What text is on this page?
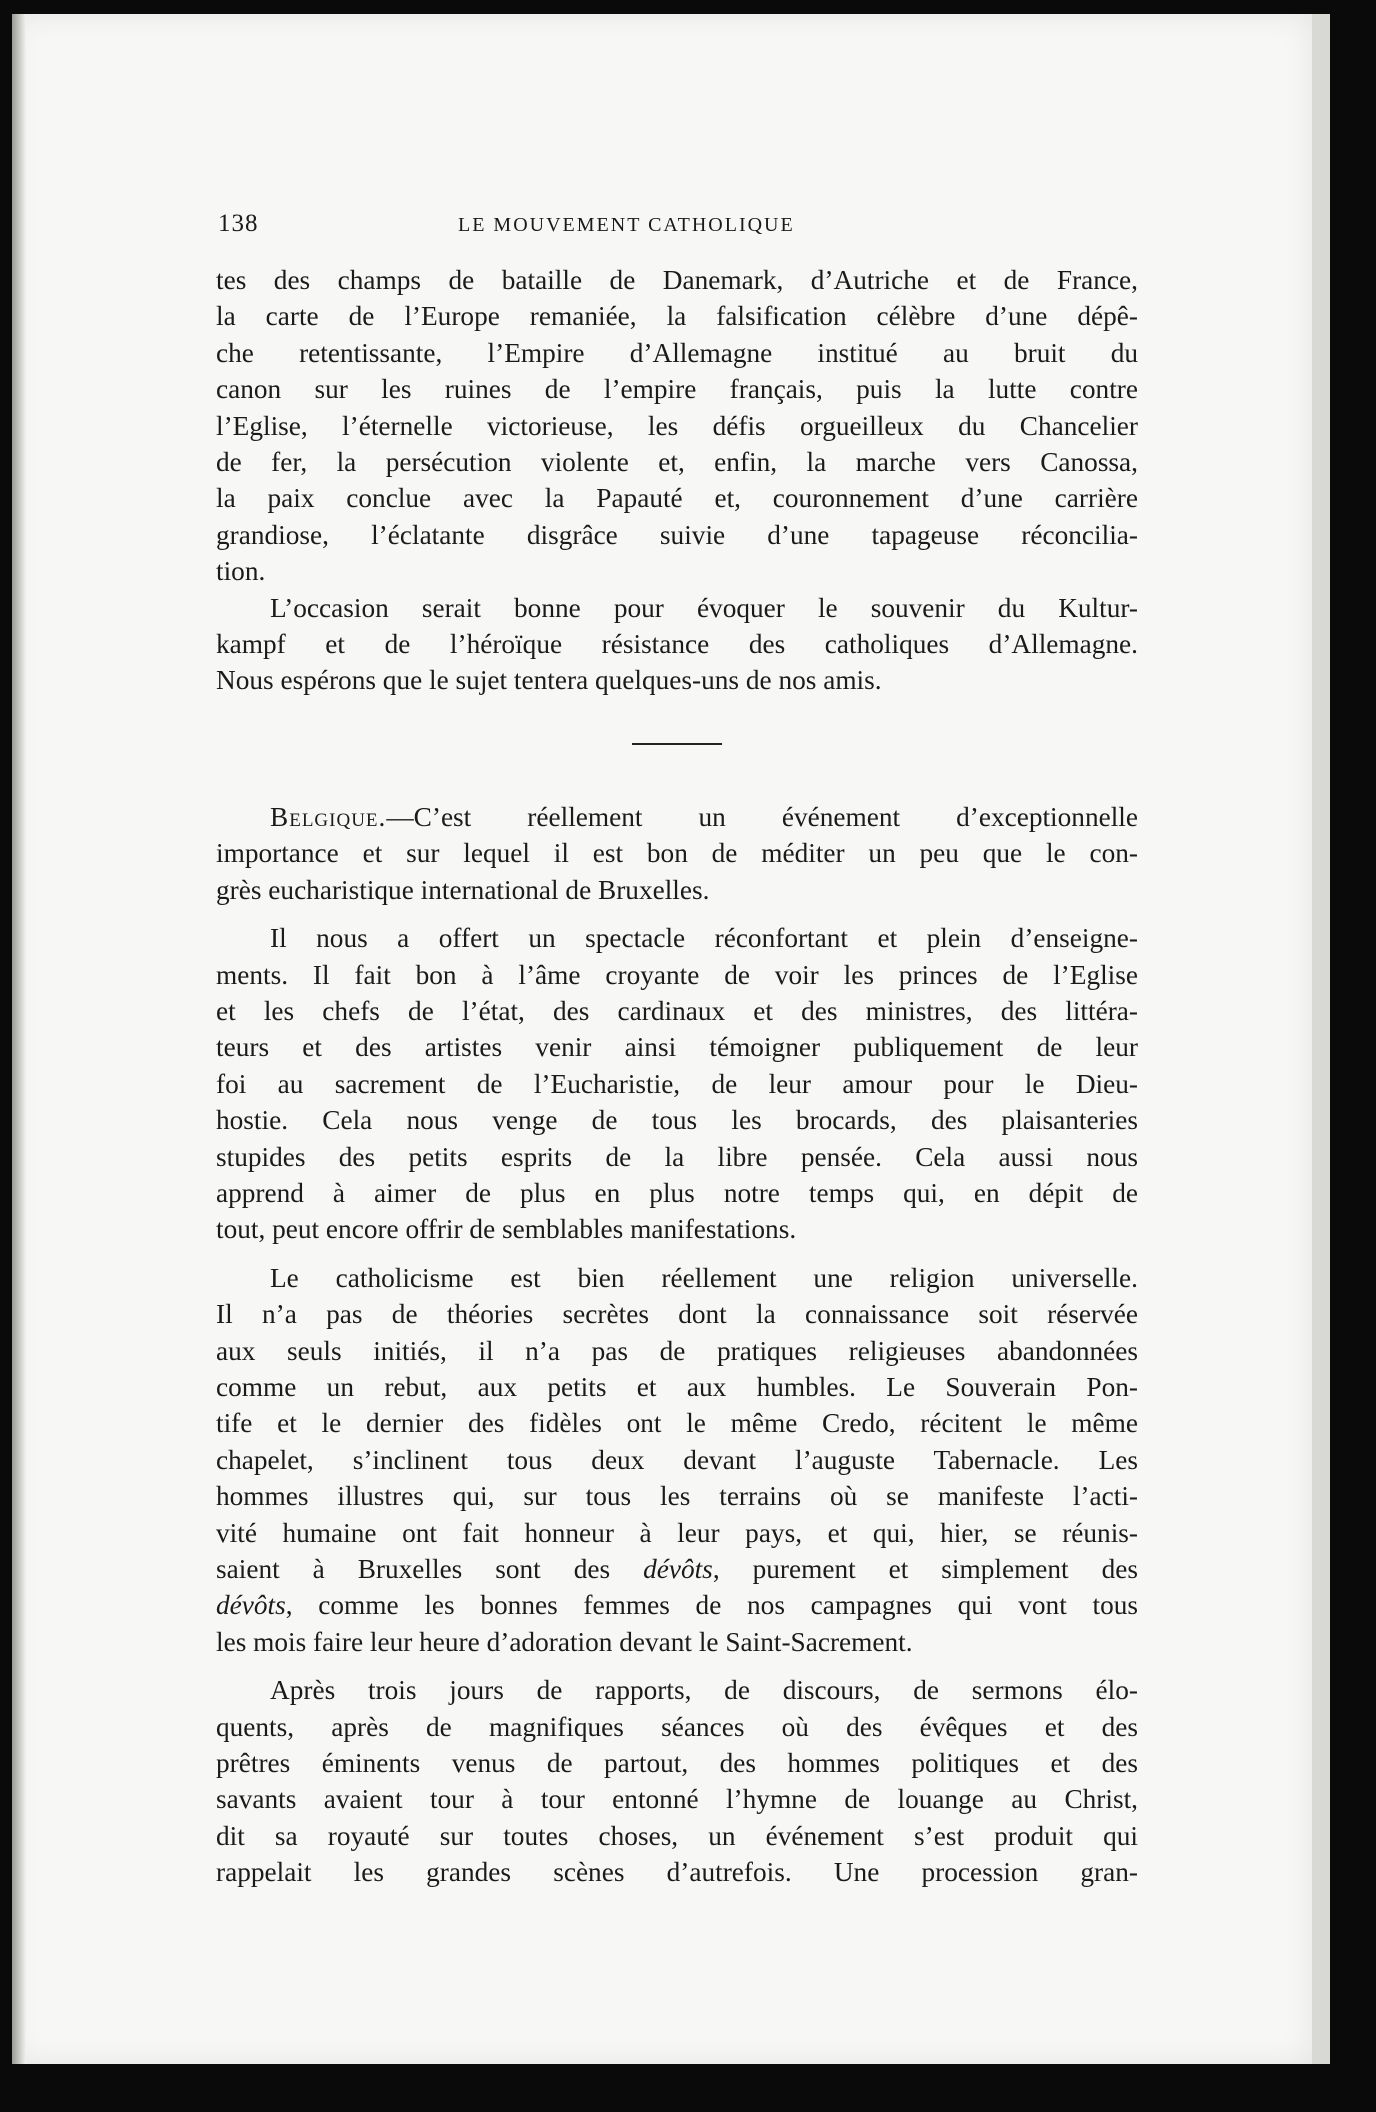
138	LE MOUVEMENT CATHOLIQUE

tes des champs de bataille de Danemark, d’Autriche et de France,

la carte de l’Europe remaniée, la falsification célèbre d’une dépê-

che retentissante, l’Empire d’Allemagne institué au bruit du

canon sur les ruines de l’empire français, puis la lutte contre

l’Eglise, l’éternelle victorieuse, les défis orgueilleux du Chancelier

de fer, la persécution violente et, enfin, la marche vers Canossa,

la paix conclue avec la Papauté et, couronnement d’une carrière

grandiose, l’éclatante disgrâce suivie d’une tapageuse réconcilia-

tion.

L’occasion serait bonne pour évoquer le souvenir du Kultur-

kampf et de l’héroïque résistance des catholiques d’Allemagne.

Nous espérons que le sujet tentera quelques-uns de nos amis.

Belgique.—C’est réellement un événement d’exceptionnelle

importance et sur lequel il est bon de méditer un peu que le con-

grès eucharistique international de Bruxelles.

Il nous a offert un spectacle réconfortant et plein d’enseigne-

ments. Il fait bon à l’âme croyante de voir les princes de l’Eglise

et les chefs de l’état, des cardinaux et des ministres, des littéra-

teurs et des artistes venir ainsi témoigner publiquement de leur

foi au sacrement de l’Eucharistie, de leur amour pour le Dieu-

hostie. Cela nous venge de tous les brocards, des plaisanteries

stupides des petits esprits de la libre pensée. Cela aussi nous

apprend à aimer de plus en plus notre temps qui, en dépit de

tout, peut encore offrir de semblables manifestations.

Le catholicisme est bien réellement une religion universelle.

Il n’a pas de théories secrètes dont la connaissance soit réservée

aux seuls initiés, il n’a pas de pratiques religieuses abandonnées

comme un rebut, aux petits et aux humbles. Le Souverain Pon-

tife et le dernier des fidèles ont le même Credo, récitent le même

chapelet, s’inclinent tous deux devant l’auguste Tabernacle. Les

hommes illustres qui, sur tous les terrains où se manifeste l’acti-

vité humaine ont fait honneur à leur pays, et qui, hier, se réunis-

saient à Bruxelles sont des dévôts, purement et simplement des

dévôts, comme les bonnes femmes de nos campagnes qui vont tous

les mois faire leur heure d’adoration devant le Saint-Sacrement.

Après trois jours de rapports, de discours, de sermons élo-

quents, après de magnifiques séances où des évêques et des

prêtres éminents venus de partout, des hommes politiques et des

savants avaient tour à tour entonné l’hymne de louange au Christ,

dit sa royauté sur toutes choses, un événement s’est produit qui

rappelait les grandes scènes d’autrefois. Une procession gran-
